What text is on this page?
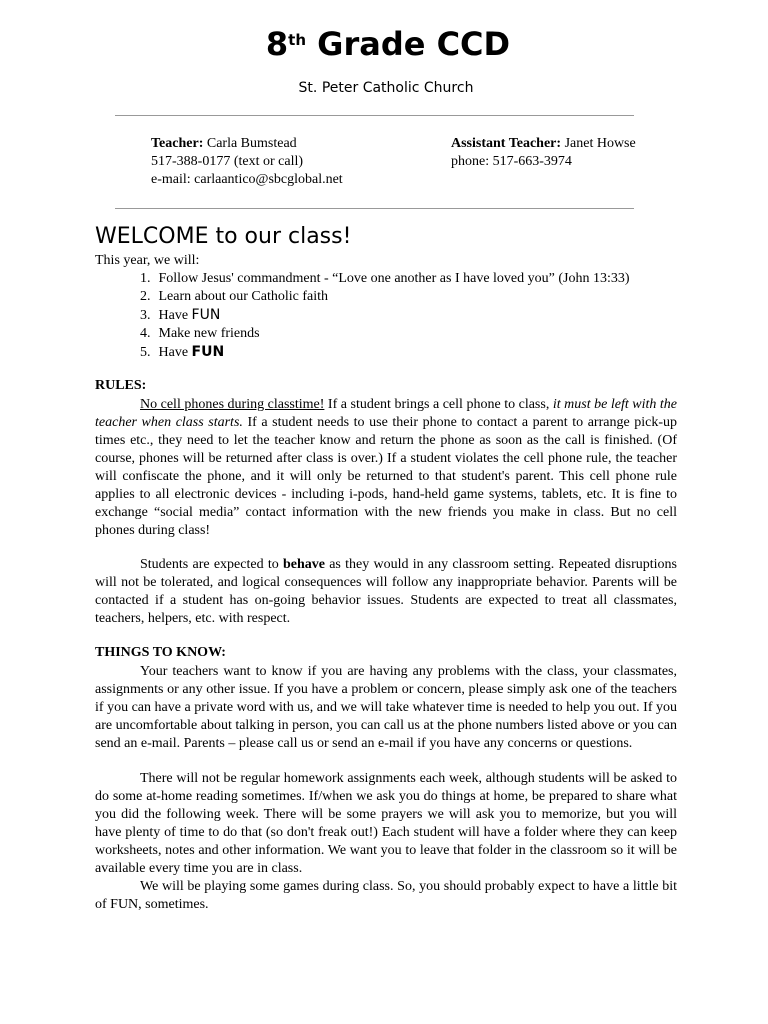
8th Grade CCD
St. Peter Catholic Church
Teacher: Carla Bumstead
517-388-0177 (text or call)
e-mail: carlaantico@sbcglobal.net
Assistant Teacher: Janet Howse
phone: 517-663-3974
WELCOME to our class!
This year, we will:
1. Follow Jesus' commandment - “Love one another as I have loved you” (John 13:33)
2. Learn about our Catholic faith
3. Have FUN
4. Make new friends
5. Have FUN
RULES:

No cell phones during classtime! If a student brings a cell phone to class, it must be left with the teacher when class starts. If a student needs to use their phone to contact a parent to arrange pick-up times etc., they need to let the teacher know and return the phone as soon as the call is finished. (Of course, phones will be returned after class is over.) If a student violates the cell phone rule, the teacher will confiscate the phone, and it will only be returned to that student's parent. This cell phone rule applies to all electronic devices - including i-pods, hand-held game systems, tablets, etc. It is fine to exchange “social media” contact information with the new friends you make in class. But no cell phones during class!

Students are expected to behave as they would in any classroom setting. Repeated disruptions will not be tolerated, and logical consequences will follow any inappropriate behavior. Parents will be contacted if a student has on-going behavior issues. Students are expected to treat all classmates, teachers, helpers, etc. with respect.

THINGS TO KNOW:

Your teachers want to know if you are having any problems with the class, your classmates, assignments or any other issue. If you have a problem or concern, please simply ask one of the teachers if you can have a private word with us, and we will take whatever time is needed to help you out. If you are uncomfortable about talking in person, you can call us at the phone numbers listed above or you can send an e-mail. Parents – please call us or send an e-mail if you have any concerns or questions.

There will not be regular homework assignments each week, although students will be asked to do some at-home reading sometimes. If/when we ask you do things at home, be prepared to share what you did the following week. There will be some prayers we will ask you to memorize, but you will have plenty of time to do that (so don't freak out!) Each student will have a folder where they can keep worksheets, notes and other information. We want you to leave that folder in the classroom so it will be available every time you are in class.

We will be playing some games during class. So, you should probably expect to have a little bit of FUN, sometimes.
